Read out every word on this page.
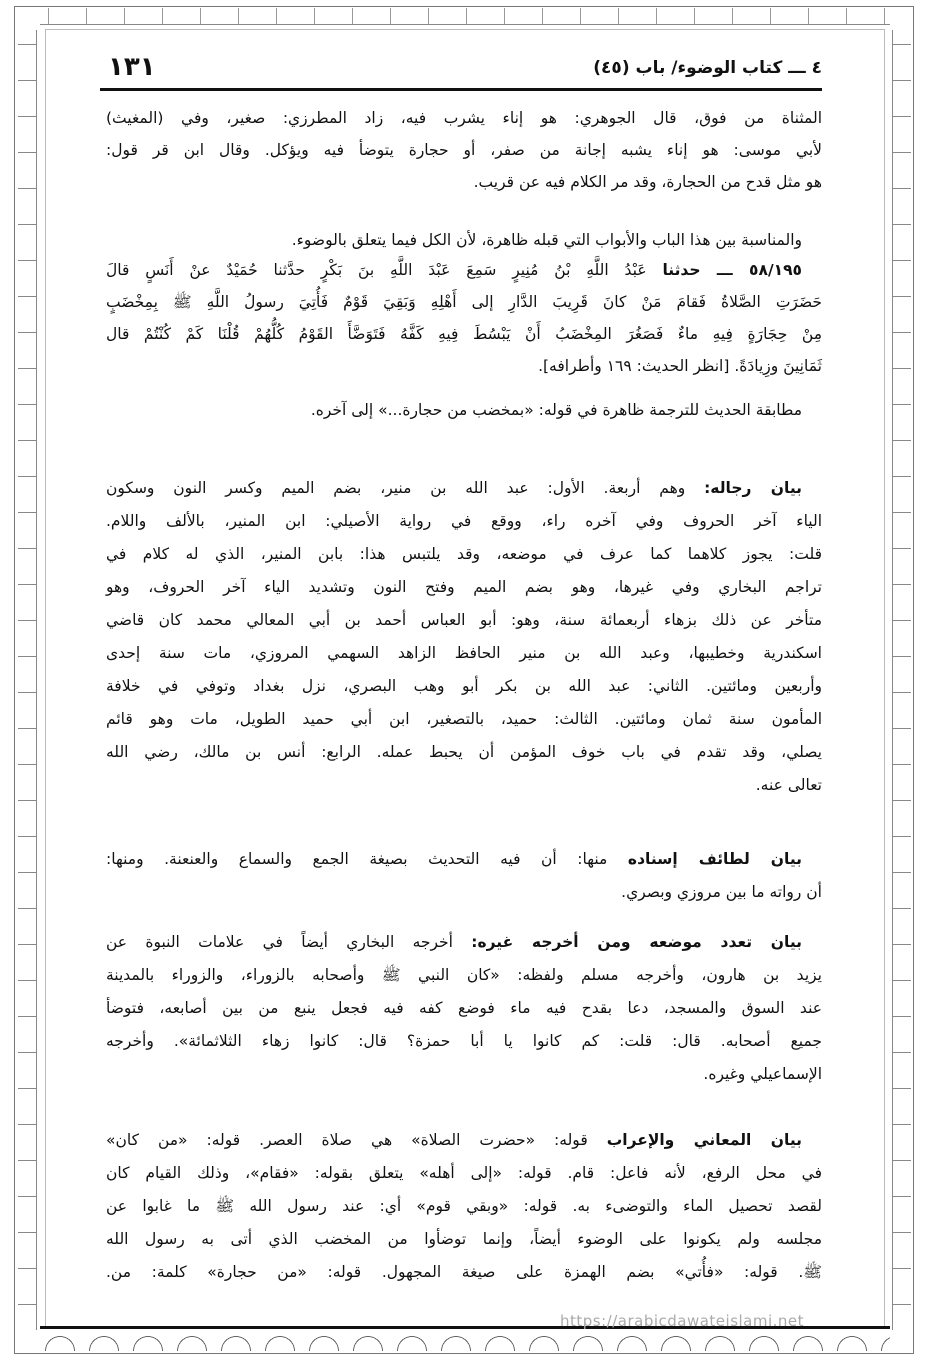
٤ ـــ كتاب الوضوء/ باب (٤٥)
١٣١
المثناة من فوق، قال الجوهري: هو إناء يشرب فيه، زاد المطرزي: صغير، وفي (المغيث)
لأبي موسى: هو إناء يشبه إجانة من صفر، أو حجارة يتوضأ فيه ويؤكل. وقال ابن قر قول:
هو مثل قدح من الحجارة، وقد مر الكلام فيه عن قريب.
والمناسبة بين هذا الباب والأبواب التي قبله ظاهرة، لأن الكل فيما يتعلق بالوضوء.
٥٨/١٩٥ ـــ حدثنا عَبْدُ اللَّهِ بْنُ مُنِيرٍ سَمِعَ عَبْدَ اللَّهِ بنَ بَكْرٍ حدَّثنا حُمَيْدٌ عنْ أَنَسٍ قالَ
حَضَرَتِ الصَّلاةُ فَقامَ مَنْ كانَ قَرِيبَ الدَّارِ إلى أَهْلِهِ وَبَقِيَ قَوْمٌ فَأُتِيَ رسولُ اللَّهِ ﷺ بِمِخْضَبٍ
مِنْ حِجَارَةٍ فِيهِ ماءٌ فَصَغُرَ المِخْضَبُ أَنْ يَبْسُطَ فِيهِ كَفَّهُ فَتَوَضَّأَ القَوْمُ كُلُّهُمْ قُلْنَا كَمْ كُنْتُمْ قال
ثَمَانِينَ وزِيادَةً. [انظر الحديث: ١٦٩ وأطرافه].
مطابقة الحديث للترجمة ظاهرة في قوله: «بمخضب من حجارة...» إلى آخره.
بيان رجاله: وهم أربعة. الأول: عبد الله بن منير، بضم الميم وكسر النون وسكون
الياء آخر الحروف وفي آخره راء، ووقع في رواية الأصيلي: ابن المنير، بالألف واللام.
قلت: يجوز كلاهما كما عرف في موضعه، وقد يلتبس هذا: بابن المنير، الذي له كلام في
تراجم البخاري وفي غيرها، وهو بضم الميم وفتح النون وتشديد الياء آخر الحروف، وهو
متأخر عن ذلك بزهاء أربعمائة سنة، وهو: أبو العباس أحمد بن أبي المعالي محمد كان قاضي
اسكندرية وخطيبها، وعبد الله بن منير الحافظ الزاهد السهمي المروزي، مات سنة إحدى
وأربعين ومائتين. الثاني: عبد الله بن بكر أبو وهب البصري، نزل بغداد وتوفي في خلافة
المأمون سنة ثمان ومائتين. الثالث: حميد، بالتصغير، ابن أبي حميد الطويل، مات وهو قائم
يصلي، وقد تقدم في باب خوف المؤمن أن يحبط عمله. الرابع: أنس بن مالك، رضي الله
تعالى عنه.
بيان لطائف إسناده منها: أن فيه التحديث بصيغة الجمع والسماع والعنعنة. ومنها:
أن رواته ما بين مروزي وبصري.
بيان تعدد موضعه ومن أخرجه غيره: أخرجه البخاري أيضاً في علامات النبوة عن
يزيد بن هارون، وأخرجه مسلم ولفظه: «كان النبي ﷺ وأصحابه بالزوراء، والزوراء بالمدينة
عند السوق والمسجد، دعا بقدح فيه ماء فوضع كفه فيه فجعل ينبع من بين أصابعه، فتوضأ
جميع أصحابه. قال: قلت: كم كانوا يا أبا حمزة؟ قال: كانوا زهاء الثلاثمائة». وأخرجه
الإسماعيلي وغيره.
بيان المعاني والإعراب قوله: «حضرت الصلاة» هي صلاة العصر. قوله: «من كان»
في محل الرفع، لأنه فاعل: قام. قوله: «إلى أهله» يتعلق بقوله: «فقام»، وذلك القيام كان
لقصد تحصيل الماء والتوضىء به. قوله: «وبقي قوم» أي: عند رسول الله ﷺ ما غابوا عن
مجلسه ولم يكونوا على الوضوء أيضاً، وإنما توضأوا من المخضب الذي أتى به رسول الله
ﷺ. قوله: «فأُتي» بضم الهمزة على صيغة المجهول. قوله: «من حجارة» كلمة: من.
https://arabicdawateislami.net
